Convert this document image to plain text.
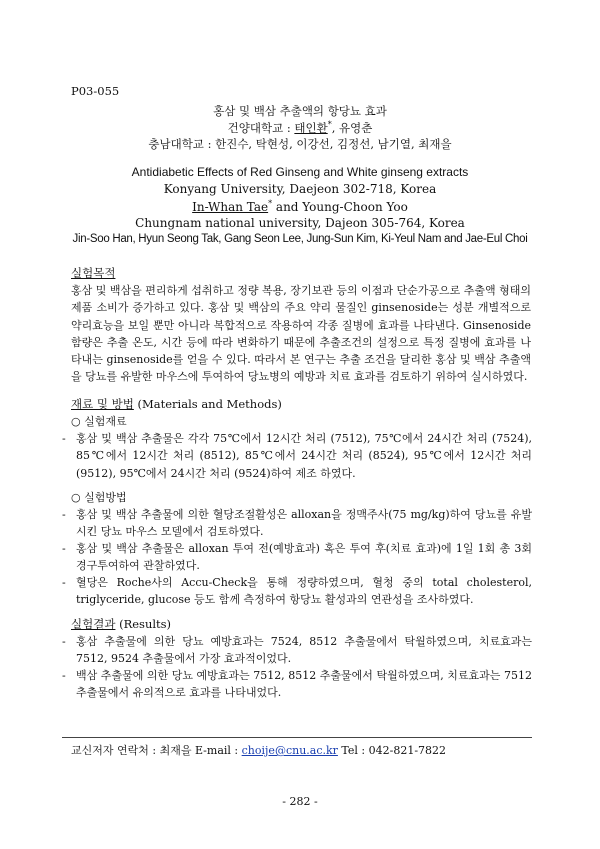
P03-055
홍삼 및 백삼 추출액의 항당뇨 효과
건양대학교 : 태인환*, 유영춘
충남대학교 : 한진수, 탁현성, 이강선, 김정선, 남기열, 최재을
Antidiabetic Effects of Red Ginseng and White ginseng extracts
Konyang University, Daejeon 302-718, Korea
In-Whan Tae* and Young-Choon Yoo
Chungnam national university, Dajeon 305-764, Korea
Jin-Soo Han, Hyun Seong Tak, Gang Seon Lee, Jung-Sun Kim, Ki-Yeul Nam and Jae-Eul Choi
실험목적
홍삼 및 백삼을 편리하게 섭취하고 정량 복용, 장기보관 등의 이점과 단순가공으로 추출액 형태의 제품 소비가 증가하고 있다. 홍삼 및 백삼의 주요 약리 물질인 ginsenoside는 성분 개별적으로 약리효능을 보일 뿐만 아니라 복합적으로 작용하여 각종 질병에 효과를 나타낸다. Ginsenoside 함량은 추출 온도, 시간 등에 따라 변화하기 때문에 추출조건의 설정으로 특정 질병에 효과를 나타내는 ginsenoside를 얻을 수 있다. 따라서 본 연구는 추출 조건을 달리한 홍삼 및 백삼 추출액을 당뇨를 유발한 마우스에 투여하여 당뇨병의 예방과 치료 효과를 검토하기 위하여 실시하였다.
재료 및 방법 (Materials and Methods)
○ 실험재료
- 홍삼 및 백삼 추출물은 각각 75℃에서 12시간 처리 (7512), 75℃에서 24시간 처리 (7524), 85℃에서 12시간 처리 (8512), 85℃에서 24시간 처리 (8524), 95℃에서 12시간 처리 (9512), 95℃에서 24시간 처리 (9524)하여 제조 하였다.
○ 실험방법
- 홍삼 및 백삼 추출물에 의한 혈당조절활성은 alloxan을 정맥주사(75 mg/kg)하여 당뇨를 유발시킨 당뇨 마우스 모델에서 검토하였다.
- 홍삼 및 백삼 추출물은 alloxan 투여 전(예방효과) 혹은 투여 후(치료 효과)에 1일 1회 총 3회 경구투여하여 관찰하였다.
- 혈당은 Roche사의 Accu-Check을 통해 정량하였으며, 혈청 중의 total cholesterol, triglyceride, glucose 등도 함께 측정하여 항당뇨 활성과의 연관성을 조사하였다.
실험결과 (Results)
- 홍삼 추출물에 의한 당뇨 예방효과는 7524, 8512 추출물에서 탁월하였으며, 치료효과는 7512, 9524 추출물에서 가장 효과적이었다.
- 백삼 추출물에 의한 당뇨 예방효과는 7512, 8512 추출물에서 탁월하였으며, 치료효과는 7512 추출물에서 유의적으로 효과를 나타내었다.
교신저자 연락처 : 최재을 E-mail : choije@cnu.ac.kr Tel : 042-821-7822
- 282 -
